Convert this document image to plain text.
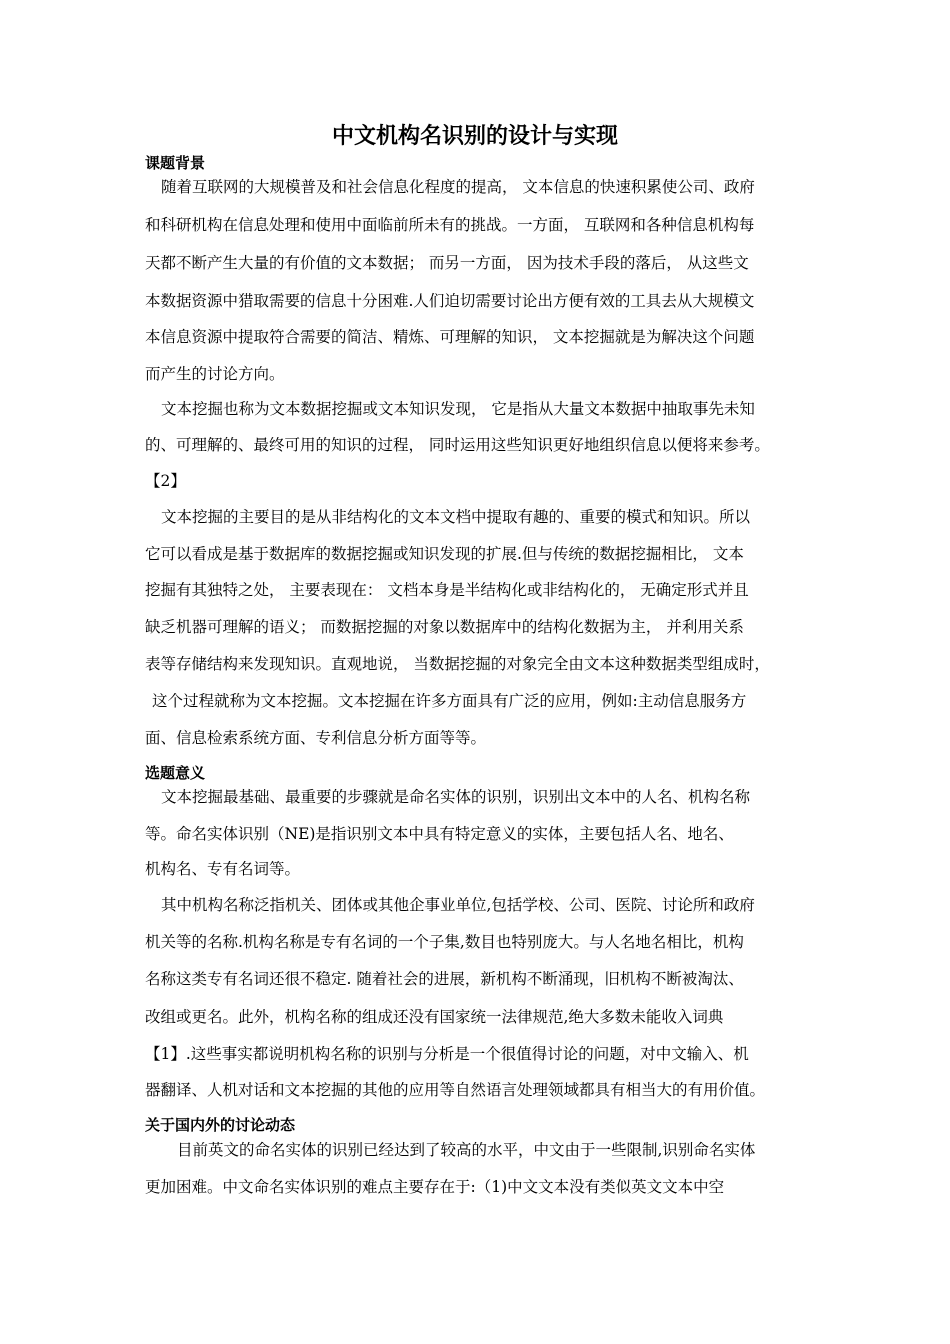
中文机构名识别的设计与实现
课题背景

随着互联网的大规模普及和社会信息化程度的提高， 文本信息的快速积累使公司、政府

和科研机构在信息处理和使用中面临前所未有的挑战。一方面， 互联网和各种信息机构每

天都不断产生大量的有价值的文本数据； 而另一方面， 因为技术手段的落后， 从这些文

本数据资源中猎取需要的信息十分困难.人们迫切需要讨论出方便有效的工具去从大规模文

本信息资源中提取符合需要的简洁、精炼、可理解的知识， 文本挖掘就是为解决这个问题

而产生的讨论方向。

文本挖掘也称为文本数据挖掘或文本知识发现， 它是指从大量文本数据中抽取事先未知

的、可理解的、最终可用的知识的过程， 同时运用这些知识更好地组织信息以便将来参考。

【2】

文本挖掘的主要目的是从非结构化的文本文档中提取有趣的、重要的模式和知识。所以

它可以看成是基于数据库的数据挖掘或知识发现的扩展.但与传统的数据挖掘相比， 文本

挖掘有其独特之处， 主要表现在： 文档本身是半结构化或非结构化的， 无确定形式并且

缺乏机器可理解的语义； 而数据挖掘的对象以数据库中的结构化数据为主， 并利用关系

表等存储结构来发现知识。直观地说， 当数据挖掘的对象完全由文本这种数据类型组成时，

这个过程就称为文本挖掘。文本挖掘在许多方面具有广泛的应用，例如:主动信息服务方

面、信息检索系统方面、专利信息分析方面等等。

选题意义

文本挖掘最基础、最重要的步骤就是命名实体的识别，识别出文本中的人名、机构名称

等。命名实体识别（NE)是指识别文本中具有特定意义的实体，主要包括人名、地名、

机构名、专有名词等。

其中机构名称泛指机关、团体或其他企事业单位,包括学校、公司、医院、讨论所和政府

机关等的名称.机构名称是专有名词的一个子集,数目也特别庞大。与人名地名相比，机构

名称这类专有名词还很不稳定. 随着社会的进展，新机构不断涌现，旧机构不断被淘汰、

改组或更名。此外，机构名称的组成还没有国家统一法律规范,绝大多数未能收入词典

【1】.这些事实都说明机构名称的识别与分析是一个很值得讨论的问题，对中文输入、机

器翻译、人机对话和文本挖掘的其他的应用等自然语言处理领域都具有相当大的有用价值。

关于国内外的讨论动态

目前英文的命名实体的识别已经达到了较高的水平，中文由于一些限制,识别命名实体

更加困难。中文命名实体识别的难点主要存在于:（1)中文文本没有类似英文文本中空
